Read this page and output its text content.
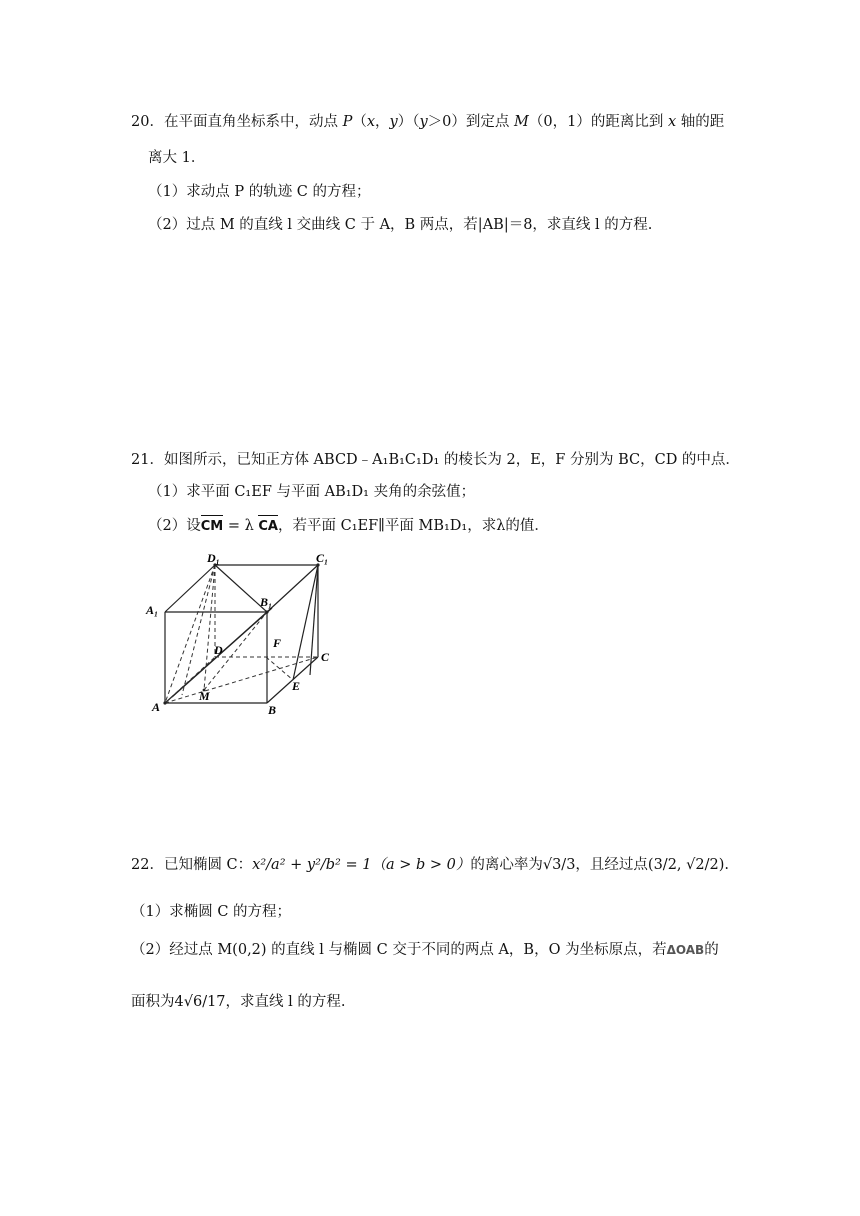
20．在平面直角坐标系中，动点 P（x，y）（y＞0）到定点 M（0，1）的距离比到 x 轴的距
离大 1．
（1）求动点 P 的轨迹 C 的方程；
（2）过点 M 的直线 l 交曲线 C 于 A，B 两点，若|AB|＝8，求直线 l 的方程.
21．如图所示，已知正方体 ABCD﹣A₁B₁C₁D₁ 的棱长为 2，E，F 分别为 BC，CD 的中点．
（1）求平面 C₁EF 与平面 AB₁D₁ 夹角的余弦值；
（2）设CM = λ CA，若平面 C₁EF∥平面 MB₁D₁，求λ的值．
A	B
C
D
A₁
B₁
C₁
D₁
E
F
M
22．已知椭圆 C：x²/a² + y²/b² = 1（a > b > 0）的离心率为√3/3，且经过点(3/2, √2/2).
（1）求椭圆 C 的方程；
（2）经过点 M(0,2) 的直线 l 与椭圆 C 交于不同的两点 A，B，O 为坐标原点，若ΔOAB的
面积为4√6/17，求直线 l 的方程.
